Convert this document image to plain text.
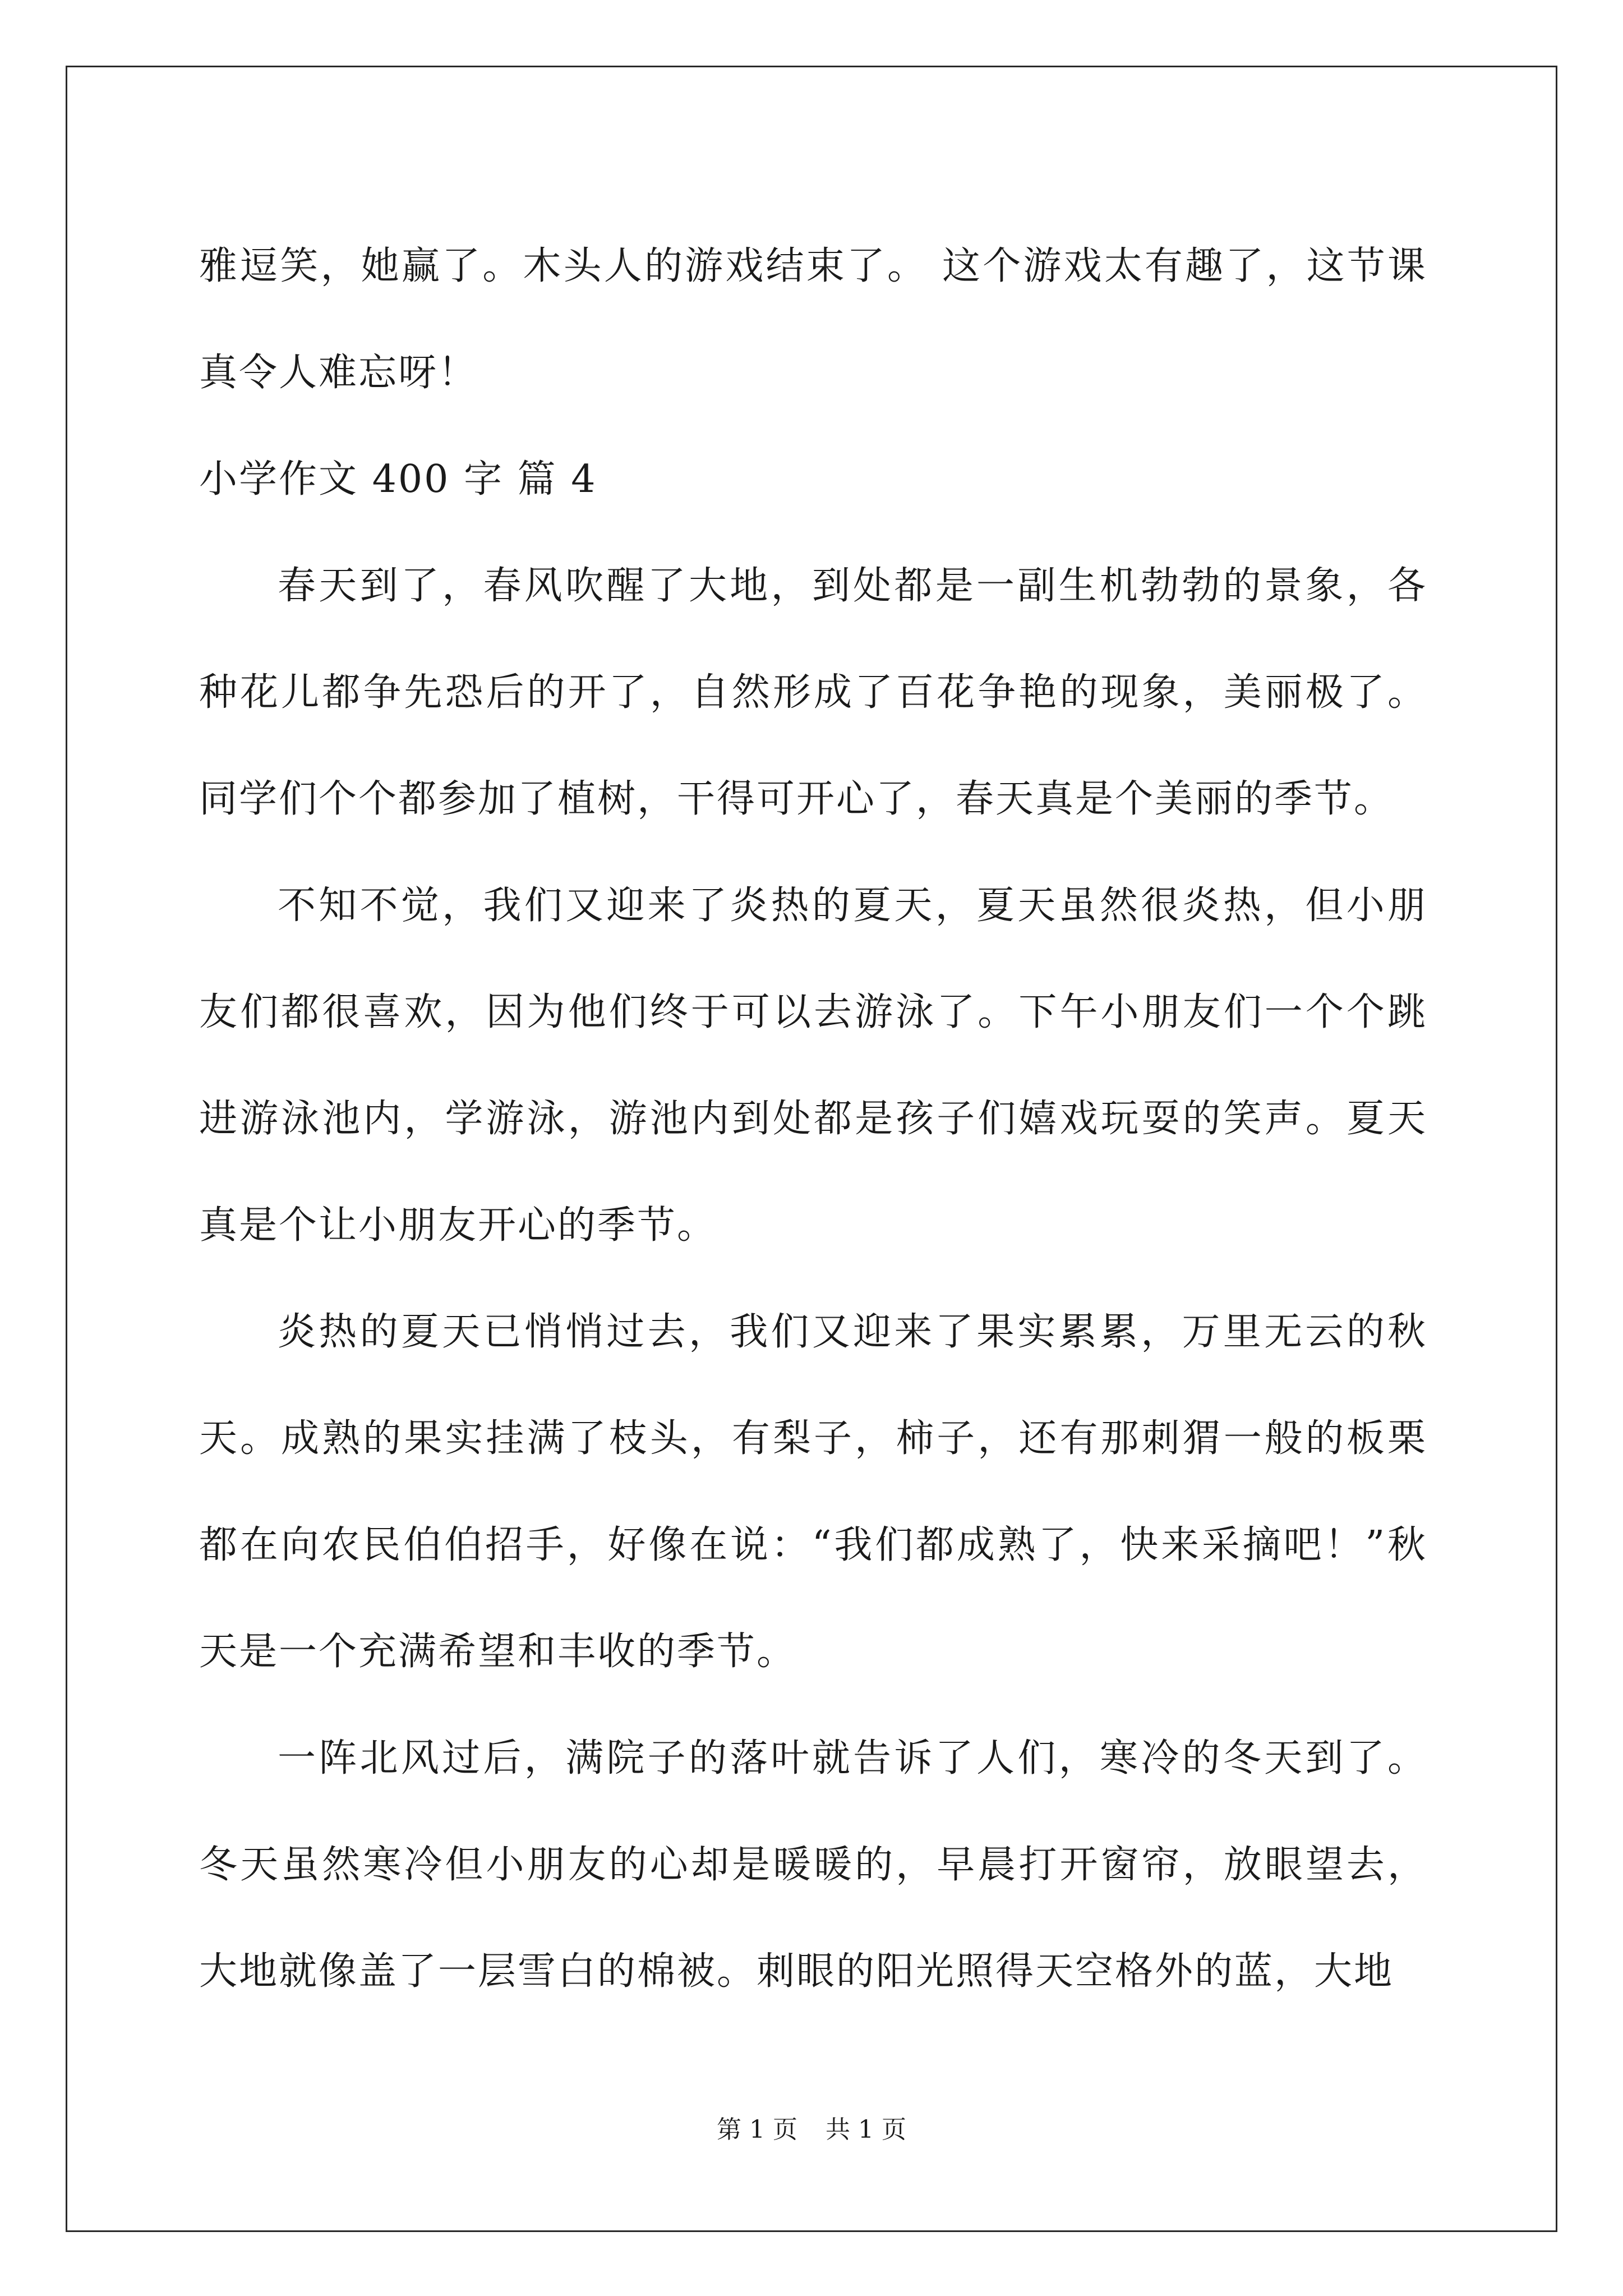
雅逗笑，她赢了。木头人的游戏结束了。 这个游戏太有趣了，这节课真令人难忘呀！

小学作文 400 字 篇 4

春天到了，春风吹醒了大地，到处都是一副生机勃勃的景象，各种花儿都争先恐后的开了，自然形成了百花争艳的现象，美丽极了。同学们个个都参加了植树，干得可开心了，春天真是个美丽的季节。

不知不觉，我们又迎来了炎热的夏天，夏天虽然很炎热，但小朋友们都很喜欢，因为他们终于可以去游泳了。下午小朋友们一个个跳进游泳池内，学游泳，游池内到处都是孩子们嬉戏玩耍的笑声。夏天真是个让小朋友开心的季节。

炎热的夏天已悄悄过去，我们又迎来了果实累累，万里无云的秋天。成熟的果实挂满了枝头，有梨子，柿子，还有那刺猬一般的板栗都在向农民伯伯招手，好像在说：“我们都成熟了，快来采摘吧！”秋天是一个充满希望和丰收的季节。

一阵北风过后，满院子的落叶就告诉了人们，寒冷的冬天到了。冬天虽然寒冷但小朋友的心却是暖暖的，早晨打开窗帘，放眼望去，大地就像盖了一层雪白的棉被。刺眼的阳光照得天空格外的蓝，大地

第 1 页 共 1 页
